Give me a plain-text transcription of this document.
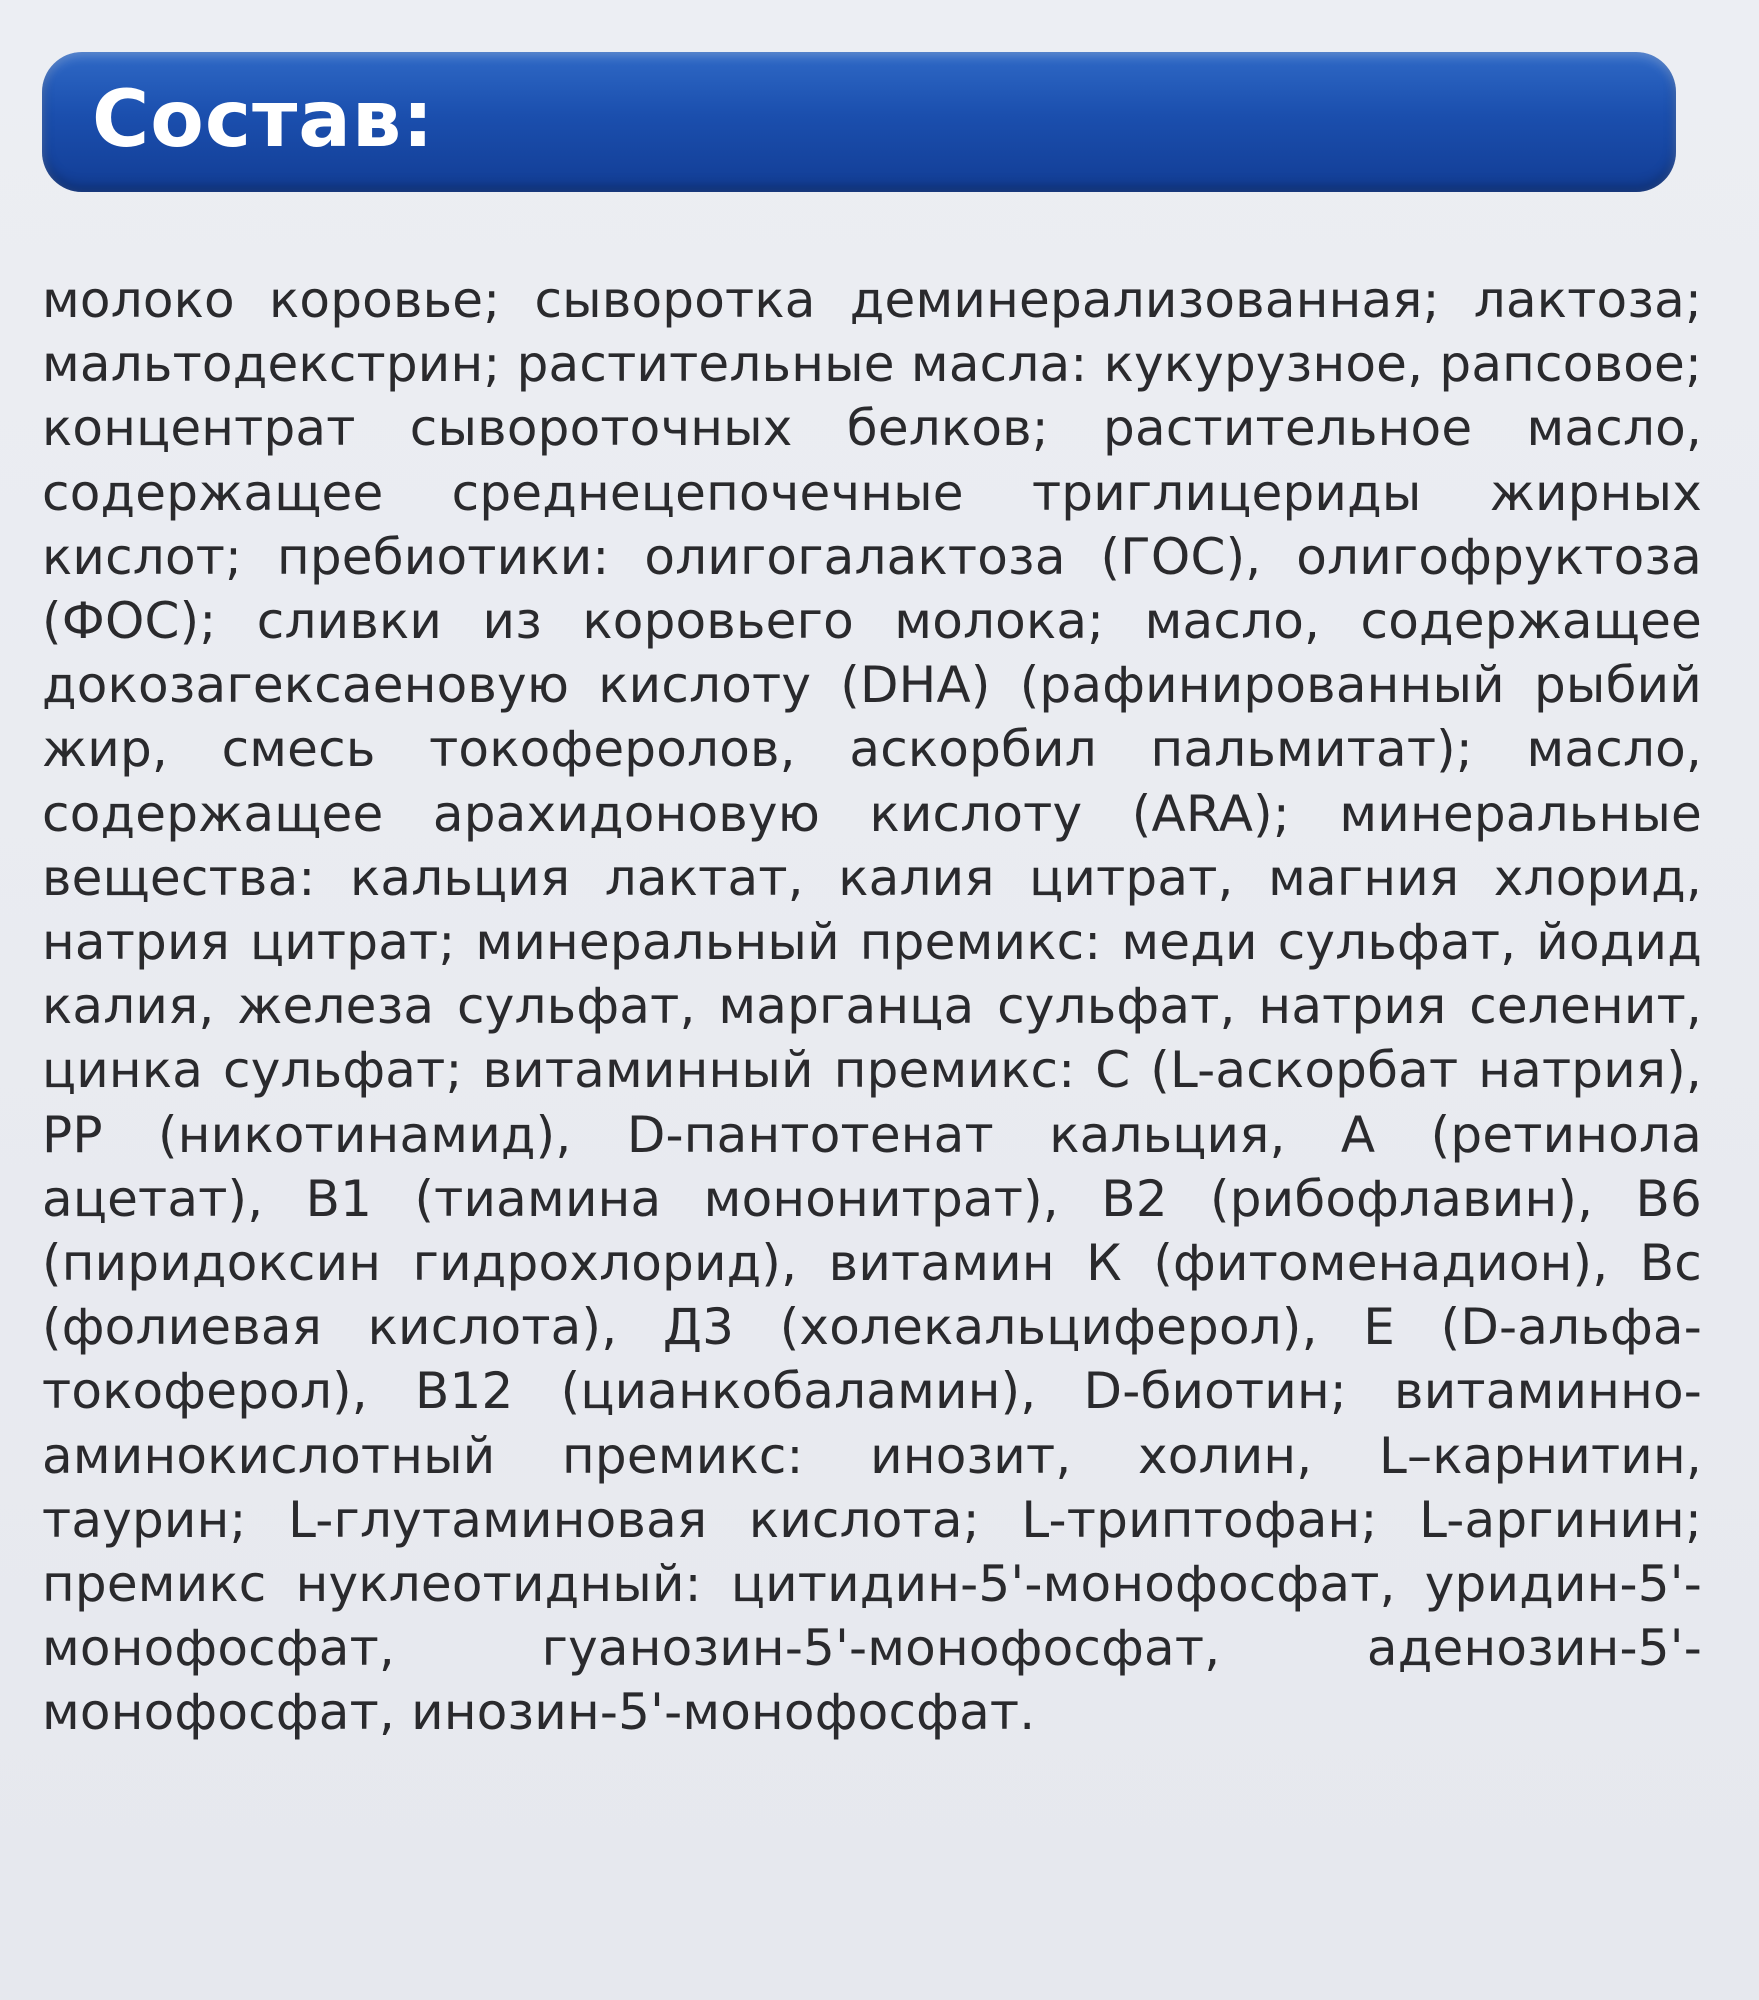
Состав:

молоко коровье; сыворотка деминерализованная; лактоза; мальтодекстрин; растительные масла: кукурузное, рапсовое; концентрат сывороточных белков; растительное масло, содержащее среднецепочечные триглицериды жирных кислот; пребиотики: олигогалактоза (ГОС), олигофруктоза (ФОС); сливки из коровьего молока; масло, содержащее докозагексаеновую кислоту (DHA) (рафинированный рыбий жир, смесь токоферолов, аскорбил пальмитат); масло, содержащее арахидоновую кислоту (ARA); минеральные вещества: кальция лактат, калия цитрат, магния хлорид, натрия цитрат; минеральный премикс: меди сульфат, йодид калия, железа сульфат, марганца сульфат, натрия селенит, цинка сульфат; витаминный премикс: С (L-аскорбат натрия), РР (никотинамид), D-пантотенат кальция, А (ретинола ацетат), В1 (тиамина мононитрат), В2 (рибофлавин), В6 (пиридоксин гидрохлорид), витамин К (фитоменадион), Вс (фолиевая кислота), Д3 (холекальциферол), Е (D-альфа-токоферол), В12 (цианкобаламин), D-биотин; витаминно-аминокислотный премикс: инозит, холин, L–карнитин, таурин; L-глутаминовая кислота; L-триптофан; L-аргинин; премикс нуклеотидный: цитидин-5'-монофосфат, уридин-5'-монофосфат, гуанозин-5'-монофосфат, аденозин-5'-монофосфат, инозин-5'-монофосфат.
